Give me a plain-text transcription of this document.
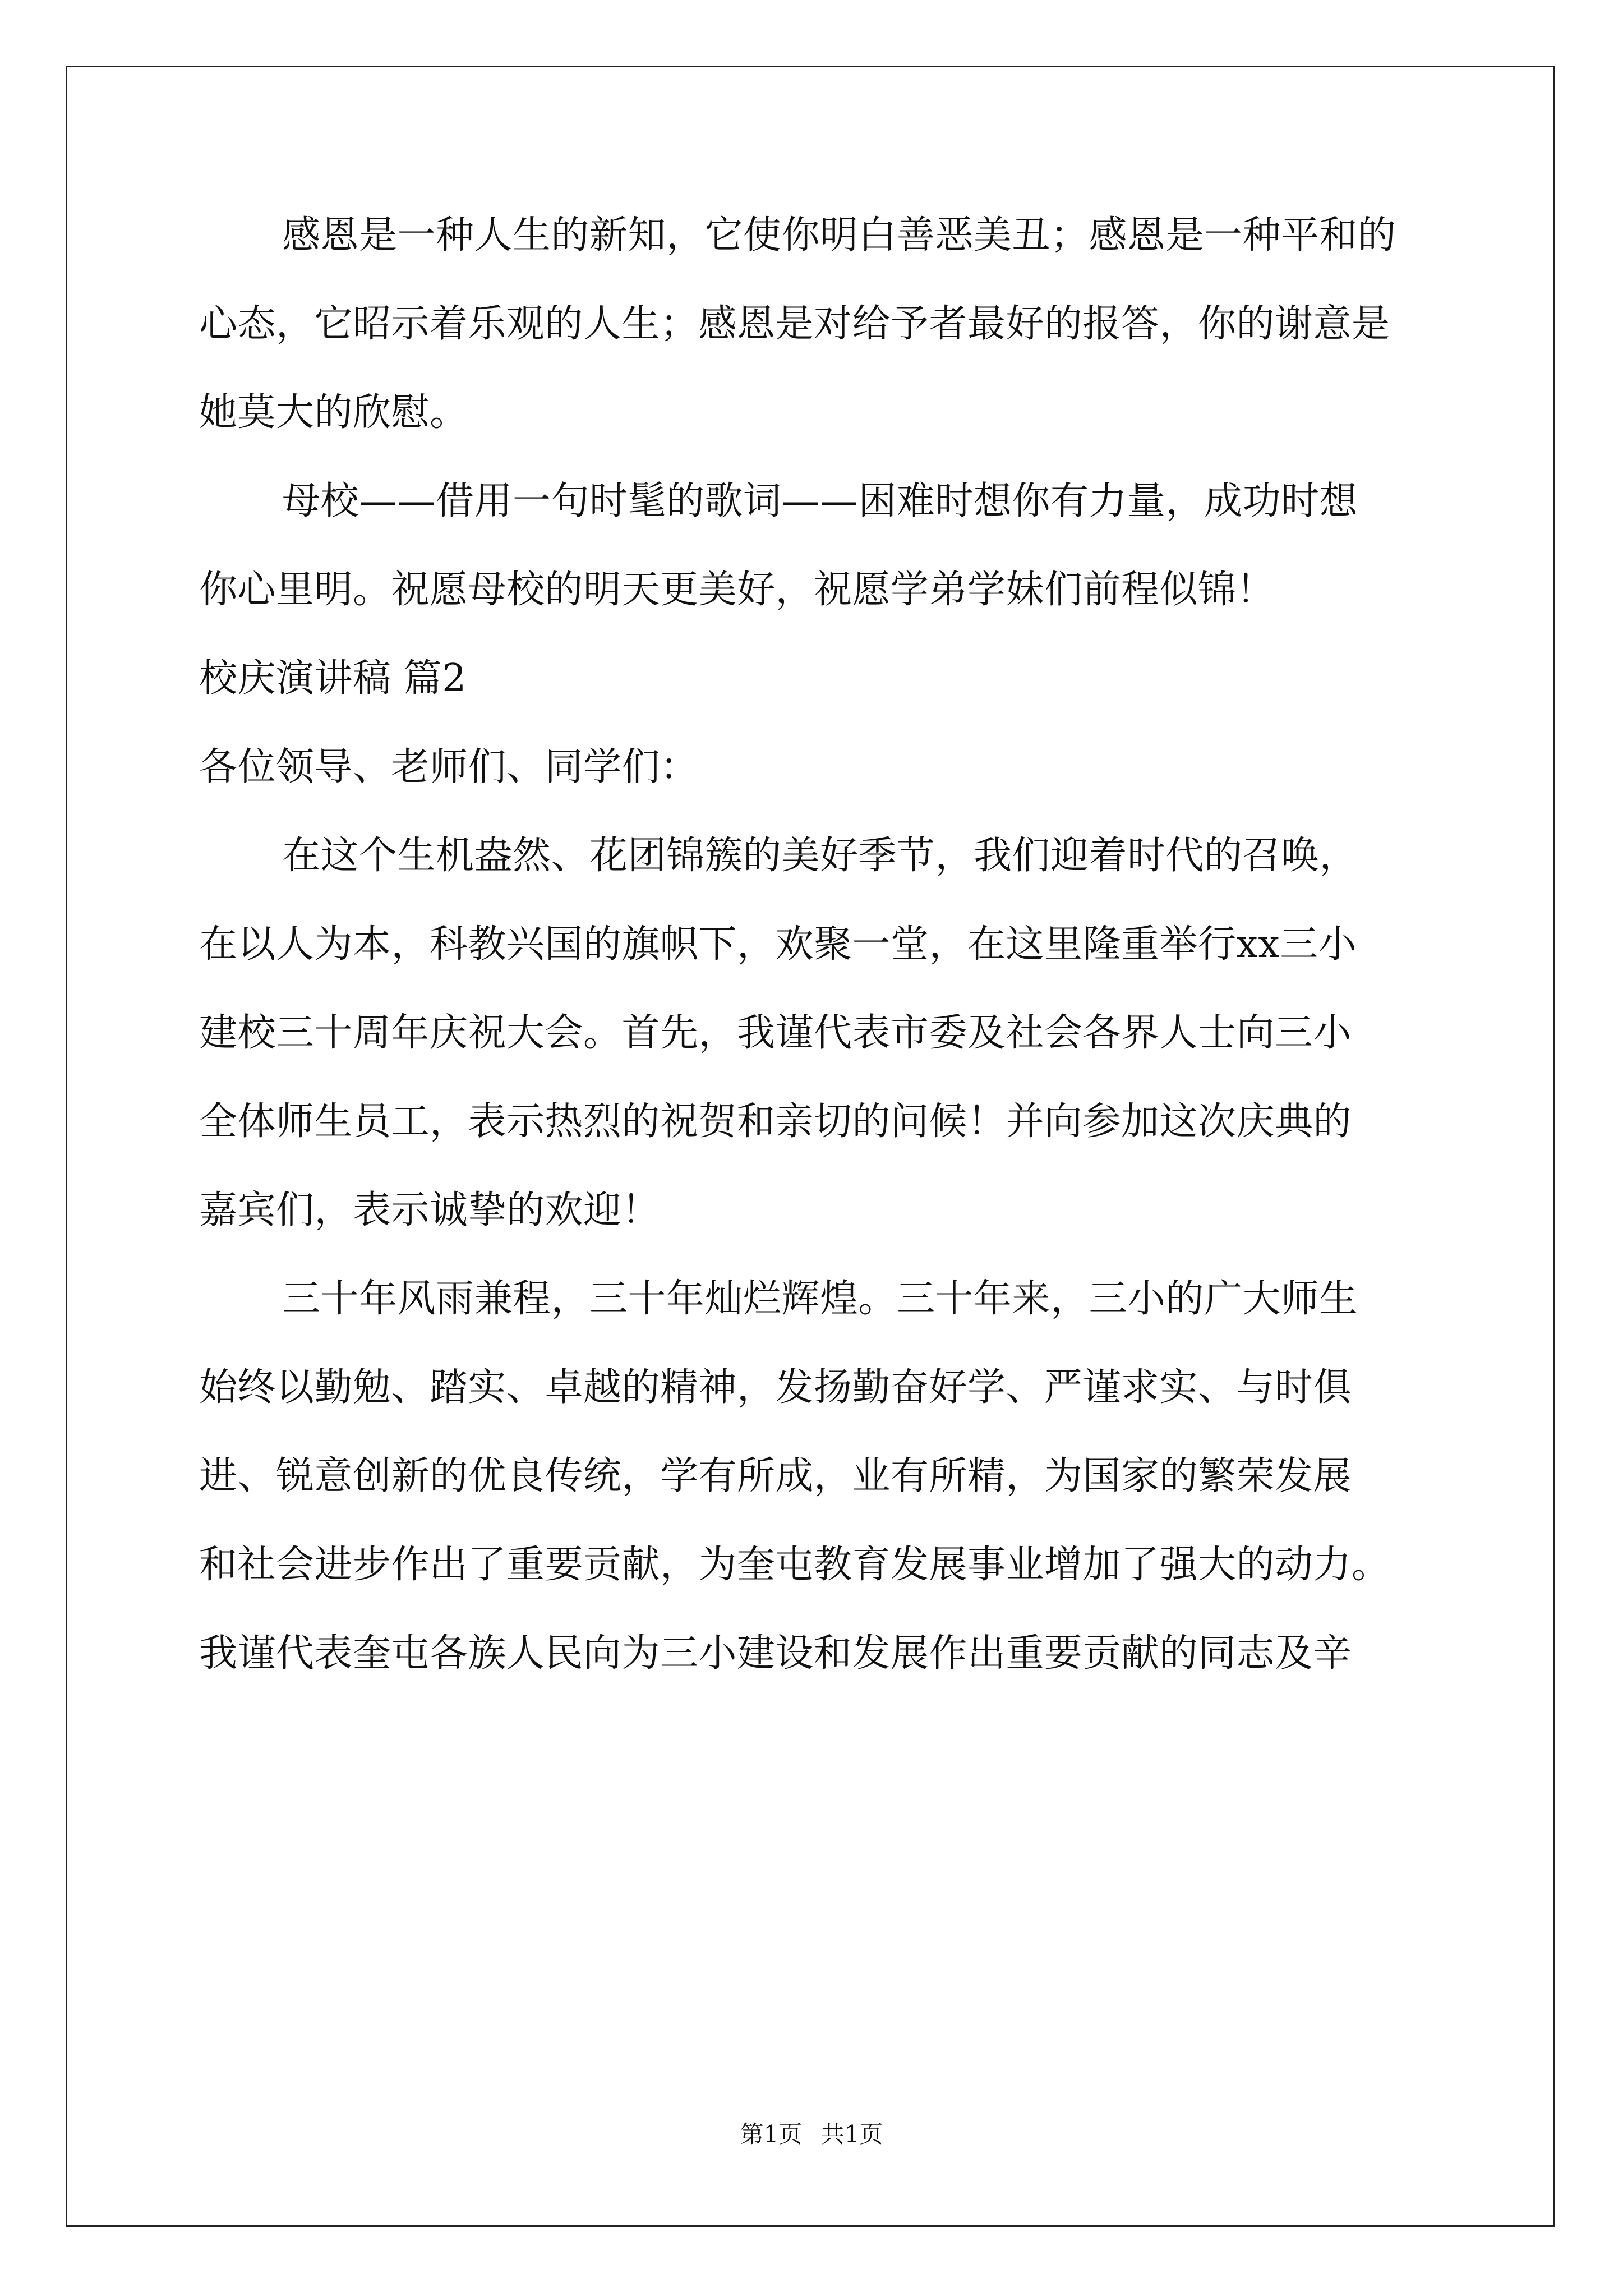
感恩是一种人生的新知，它使你明白善恶美丑；感恩是一种平和的
心态，它昭示着乐观的人生；感恩是对给予者最好的报答，你的谢意是
她莫大的欣慰。
母校——借用一句时髦的歌词——困难时想你有力量，成功时想
你心里明。祝愿母校的明天更美好，祝愿学弟学妹们前程似锦！
校庆演讲稿 篇2
各位领导、老师们、同学们：
在这个生机盎然、花团锦簇的美好季节，我们迎着时代的召唤，
在以人为本，科教兴国的旗帜下，欢聚一堂，在这里隆重举行xx三小
建校三十周年庆祝大会。首先，我谨代表市委及社会各界人士向三小
全体师生员工，表示热烈的祝贺和亲切的问候！并向参加这次庆典的
嘉宾们，表示诚挚的欢迎！
三十年风雨兼程，三十年灿烂辉煌。三十年来，三小的广大师生
始终以勤勉、踏实、卓越的精神，发扬勤奋好学、严谨求实、与时俱
进、锐意创新的优良传统，学有所成，业有所精，为国家的繁荣发展
和社会进步作出了重要贡献，为奎屯教育发展事业增加了强大的动力。
我谨代表奎屯各族人民向为三小建设和发展作出重要贡献的同志及辛
第1页 共1页
